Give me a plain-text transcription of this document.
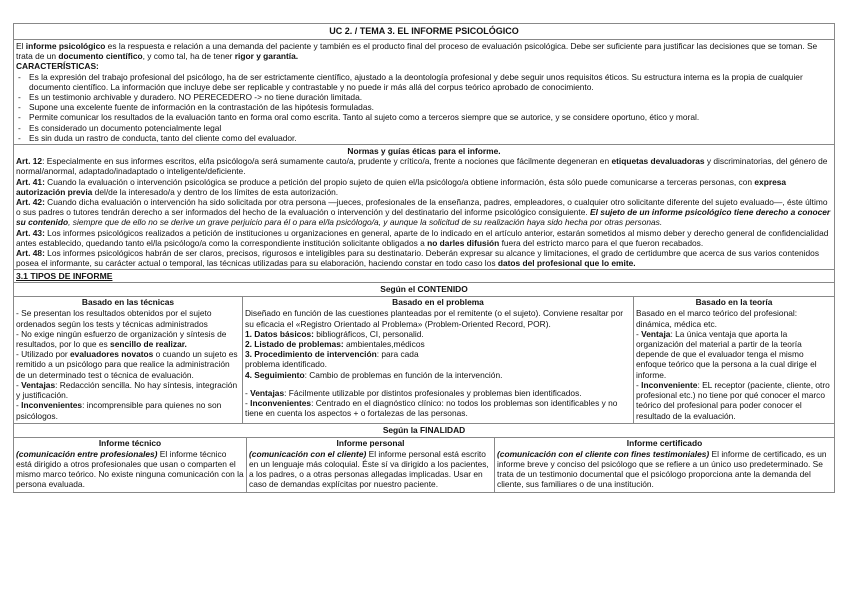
UC 2. / TEMA 3. EL INFORME PSICOLÓGICO
El informe psicológico es la respuesta e relación a una demanda del paciente y también es el producto final del proceso de evaluación psicológica. Debe ser suficiente para justificar las decisiones que se toman. Se trata de un documento científico, y como tal, ha de tener rigor y garantía.
CARACTERÍSTICAS:
- Es la expresión del trabajo profesional del psicólogo, ha de ser estrictamente científico, ajustado a la deontología profesional y debe seguir unos requisitos éticos. Su estructura interna es la propia de cualquier documento científico. La información que incluye debe ser replicable y contrastable y no puede ir más allá del corpus teórico aprobado de conocimiento.
- Es un testimonio archivable y duradero. NO PERECEDERO -> no tiene duración limitada.
- Supone una excelente fuente de información en la contrastación de las hipótesis formuladas.
- Permite comunicar los resultados de la evaluación tanto en forma oral como escrita. Tanto al sujeto como a terceros siempre que se autorice, y se considere oportuno, ético y moral.
- Es considerado un documento potencialmente legal
- Es sin duda un rastro de conducta, tanto del cliente como del evaluador.
Normas y guías éticas para el informe.
Art. 12: Especialmente en sus informes escritos, el/la psicólogo/a será sumamente cauto/a, prudente y crítico/a, frente a nociones que fácilmente degeneran en etiquetas devaluadoras y discriminatorias, del género de normal/anormal, adaptado/inadaptado o inteligente/deficiente.
Art. 41: Cuando la evaluación o intervención psicológica se produce a petición del propio sujeto de quien el/la psicólogo/a obtiene información, ésta sólo puede comunicarse a terceras personas, con expresa autorización previa del/de la interesado/a y dentro de los límites de esta autorización.
Art. 42: Cuando dicha evaluación o intervención ha sido solicitada por otra persona —jueces, profesionales de la enseñanza, padres, empleadores, o cualquier otro solicitante diferente del sujeto evaluado—, éste último o sus padres o tutores tendrán derecho a ser informados del hecho de la evaluación o intervención y del destinatario del informe psicológico consiguiente. El sujeto de un informe psicológico tiene derecho a conocer su contenido, siempre que de ello no se derive un grave perjuicio para él o para el/la psicólogo/a, y aunque la solicitud de su realización haya sido hecha por otras personas.
Art. 43: Los informes psicológicos realizados a petición de instituciones u organizaciones en general, aparte de lo indicado en el artículo anterior, estarán sometidos al mismo deber y derecho general de confidencialidad antes establecido, quedando tanto el/la psicólogo/a como la correspondiente institución solicitante obligados a no darles difusión fuera del estricto marco para el que fueron recabados.
Art. 48: Los informes psicológicos habrán de ser claros, precisos, rigurosos e inteligibles para su destinatario. Deberán expresar su alcance y limitaciones, el grado de certidumbre que acerca de sus varios contenidos posea el informante, su carácter actual o temporal, las técnicas utilizadas para su elaboración, haciendo constar en todo caso los datos del profesional que lo emite.
3.1 TIPOS DE INFORME
Según el CONTENIDO
Basado en las técnicas
- Se presentan los resultados obtenidos por el sujeto ordenados según los tests y técnicas administrados
- No exige ningún esfuerzo de organización y síntesis de resultados, por lo que es sencillo de realizar.
- Utilizado por evaluadores novatos o cuando un sujeto es remitido a un psicólogo para que realice la administración de un determinado test o técnica de evaluación.
- Ventajas: Redacción sencilla. No hay síntesis, integración y justificación.
- Inconvenientes: incomprensible para quienes no son psicólogos.
Basado en el problema
Diseñado en función de las cuestiones planteadas por el remitente (o el sujeto). Conviene resaltar por su eficacia el «Registro Orientado al Problema» (Problem-Oriented Record, POR).
1. Datos básicos: bibliográficos, CI, personalid.
2. Listado de problemas: ambientales,médicos
3. Procedimiento de intervención: para cada
problema identificado.
4. Seguimiento: Cambio de problemas en función de la intervención.
- Ventajas: Fácilmente utilizable por distintos profesionales y problemas bien identificados.
- Inconvenientes: Centrado en el diagnóstico clínico: no todos los problemas son identificables y no tiene en cuenta los aspectos + o fortalezas de las personas.
Basado en la teoría
Basado en el marco teórico del profesional: dinámica, médica etc.
- Ventaja: La única ventaja que aporta la organización del material a partir de la teoría depende de que el evaluador tenga el mismo enfoque teórico que la persona a la cual dirige el informe.
- Inconveniente: EL receptor (paciente, cliente, otro profesional etc.) no tiene por qué conocer el marco teórico del profesional para poder conocer el resultado de la evaluación.
Según la FINALIDAD
Informe técnico
(comunicación entre profesionales) El informe técnico está dirigido a otros profesionales que usan o comparten el mismo marco teórico. No existe ninguna comunicación con la persona evaluada.
Informe personal
(comunicación con el cliente) El informe personal está escrito en un lenguaje más coloquial. Éste sí va dirigido a los pacientes, a los padres, o a otras personas allegadas implicadas. Usar en caso de demandas explícitas por nuestro paciente.
Informe certificado
(comunicación con el cliente con fines testimoniales) El informe de certificado, es un informe breve y conciso del psicólogo que se refiere a un único uso predeterminado. Se trata de un testimonio documental que el psicólogo proporciona ante la demanda del cliente, sus familiares o de una institución.
